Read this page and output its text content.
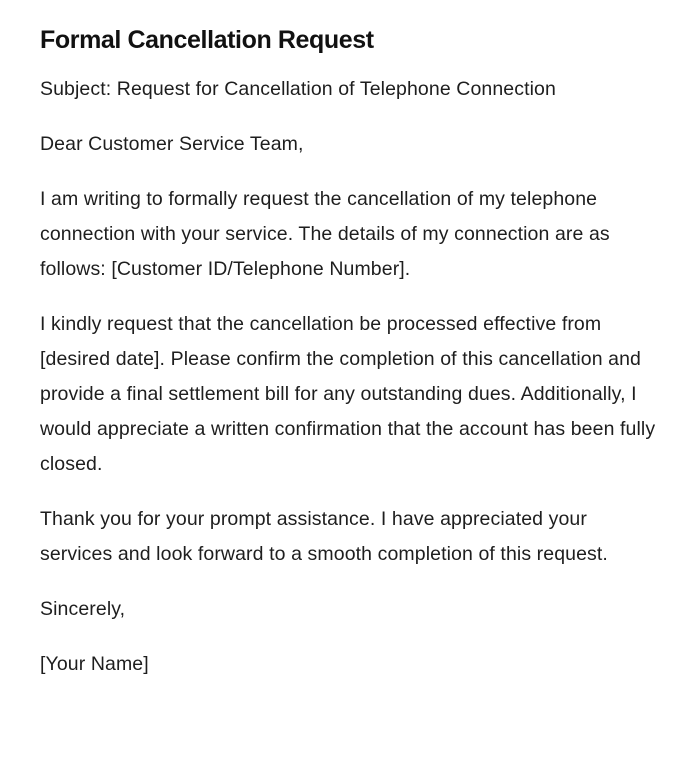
Formal Cancellation Request

Subject: Request for Cancellation of Telephone Connection

Dear Customer Service Team,

I am writing to formally request the cancellation of my telephone connection with your service. The details of my connection are as follows: [Customer ID/Telephone Number].

I kindly request that the cancellation be processed effective from [desired date]. Please confirm the completion of this cancellation and provide a final settlement bill for any outstanding dues. Additionally, I would appreciate a written confirmation that the account has been fully closed.

Thank you for your prompt assistance. I have appreciated your services and look forward to a smooth completion of this request.

Sincerely,

[Your Name]
